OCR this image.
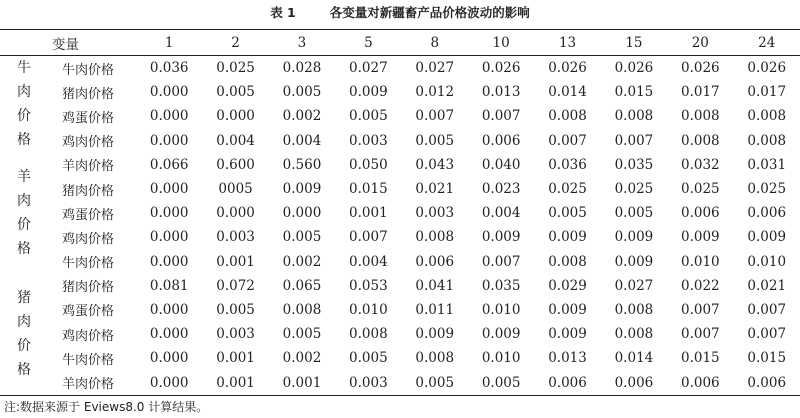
表 1	各变量对新疆畜产品价格波动的影响
	变量	1	2	3	5	8	10	13	15	20	24

牛
肉
价
格	牛肉价格	0.036	0.025	0.028	0.027	0.027	0.026	0.026	0.026	0.026	0.026
	猪肉价格	0.000	0.005	0.005	0.009	0.012	0.013	0.014	0.015	0.017	0.017
	鸡蛋价格	0.000	0.000	0.002	0.005	0.007	0.007	0.008	0.008	0.008	0.008
	鸡肉价格	0.000	0.004	0.004	0.003	0.005	0.006	0.007	0.007	0.008	0.008

羊
肉
价
格	羊肉价格	0.066	0.600	0.560	0.050	0.043	0.040	0.036	0.035	0.032	0.031
	猪肉价格	0.000	0005	0.009	0.015	0.021	0.023	0.025	0.025	0.025	0.025
	鸡蛋价格	0.000	0.000	0.000	0.001	0.003	0.004	0.005	0.005	0.006	0.006
	鸡肉价格	0.000	0.003	0.005	0.007	0.008	0.009	0.009	0.009	0.009	0.009
	牛肉价格	0.000	0.001	0.002	0.004	0.006	0.007	0.008	0.009	0.010	0.010

猪
肉
价
格	猪肉价格	0.081	0.072	0.065	0.053	0.041	0.035	0.029	0.027	0.022	0.021
	鸡蛋价格	0.000	0.005	0.008	0.010	0.011	0.010	0.009	0.008	0.007	0.007
	鸡肉价格	0.000	0.003	0.005	0.008	0.009	0.009	0.009	0.008	0.007	0.007
	牛肉价格	0.000	0.001	0.002	0.005	0.008	0.010	0.013	0.014	0.015	0.015
	羊肉价格	0.000	0.001	0.001	0.003	0.005	0.005	0.006	0.006	0.006	0.006
注:数据来源于 Eviews8.0 计算结果。
